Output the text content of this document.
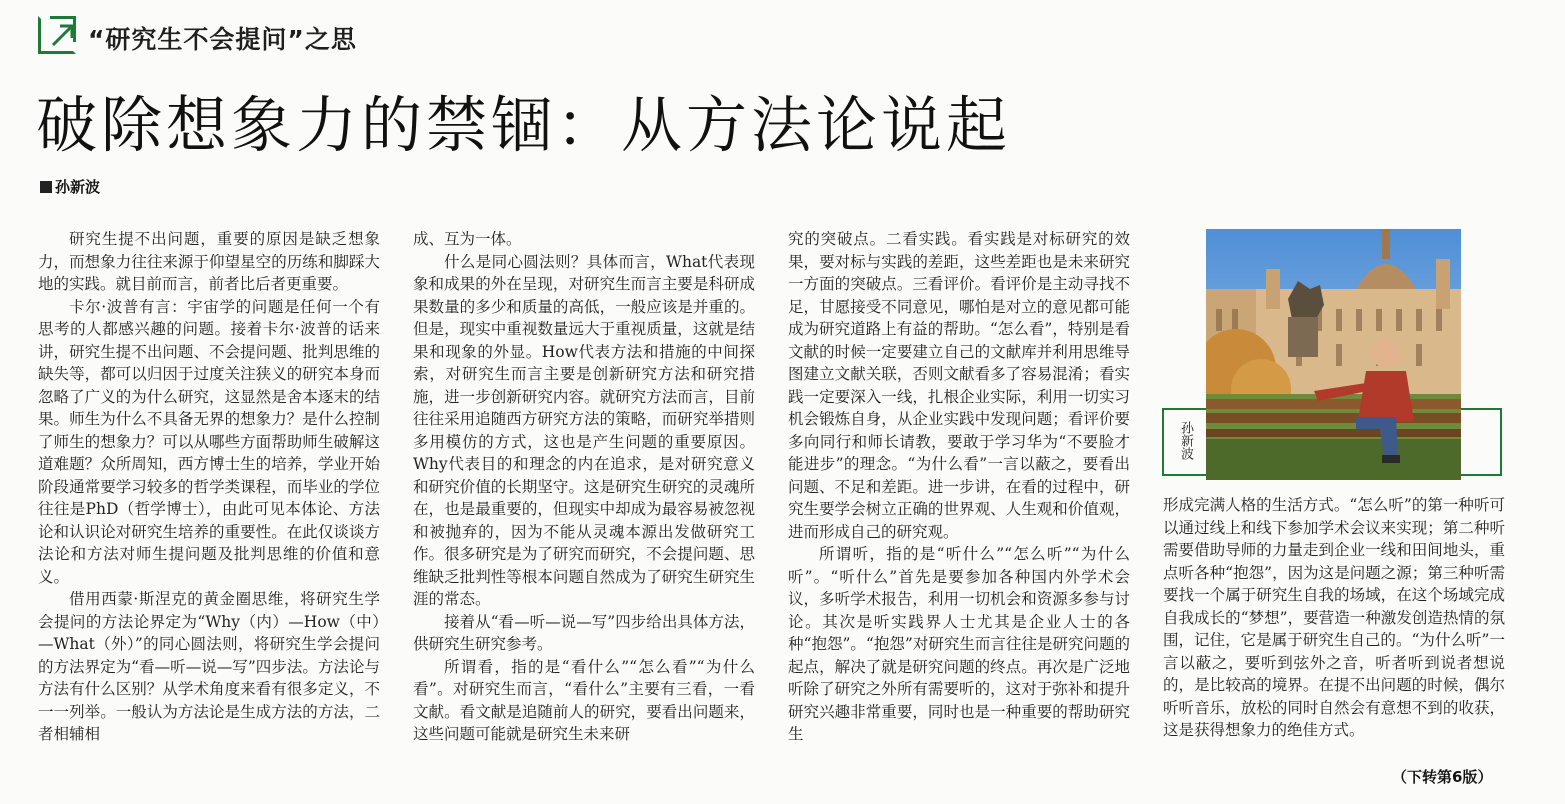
“研究生不会提问”之思
破除想象力的禁锢：从方法论说起
孙新波

研究生提不出问题，重要的原因是缺乏想象力，而想象力往往来源于仰望星空的历练和脚踩大地的实践。就目前而言，前者比后者更重要。

卡尔·波普有言：宇宙学的问题是任何一个有思考的人都感兴趣的问题。接着卡尔·波普的话来讲，研究生提不出问题、不会提问题、批判思维的缺失等，都可以归因于过度关注狭义的研究本身而忽略了广义的为什么研究，这显然是舍本逐末的结果。师生为什么不具备无界的想象力？是什么控制了师生的想象力？可以从哪些方面帮助师生破解这道难题？众所周知，西方博士生的培养，学业开始阶段通常要学习较多的哲学类课程，而毕业的学位往往是PhD（哲学博士），由此可见本体论、方法论和认识论对研究生培养的重要性。在此仅谈谈方法论和方法对师生提问题及批判思维的价值和意义。

借用西蒙·斯涅克的黄金圈思维，将研究生学会提问的方法论界定为“Why（内）—How（中）—What（外）”的同心圆法则，将研究生学会提问的方法界定为“看—听—说—写”四步法。方法论与方法有什么区别？从学术角度来看有很多定义，不一一列举。一般认为方法论是生成方法的方法，二者相辅相

成、互为一体。

什么是同心圆法则？具体而言，What代表现象和成果的外在呈现，对研究生而言主要是科研成果数量的多少和质量的高低，一般应该是并重的。但是，现实中重视数量远大于重视质量，这就是结果和现象的外显。How代表方法和措施的中间探索，对研究生而言主要是创新研究方法和研究措施，进一步创新研究内容。就研究方法而言，目前往往采用追随西方研究方法的策略，而研究举措则多用模仿的方式，这也是产生问题的重要原因。Why代表目的和理念的内在追求，是对研究意义和研究价值的长期坚守。这是研究生研究的灵魂所在，也是最重要的，但现实中却成为最容易被忽视和被抛弃的，因为不能从灵魂本源出发做研究工作。很多研究是为了研究而研究，不会提问题、思维缺乏批判性等根本问题自然成为了研究生研究生涯的常态。

接着从“看—听—说—写”四步给出具体方法，供研究生研究参考。

所谓看，指的是“看什么”“怎么看”“为什么看”。对研究生而言，“看什么”主要有三看，一看文献。看文献是追随前人的研究，要看出问题来，这些问题可能就是研究生未来研

究的突破点。二看实践。看实践是对标研究的效果，要对标与实践的差距，这些差距也是未来研究一方面的突破点。三看评价。看评价是主动寻找不足，甘愿接受不同意见，哪怕是对立的意见都可能成为研究道路上有益的帮助。“怎么看”，特别是看文献的时候一定要建立自己的文献库并利用思维导图建立文献关联，否则文献看多了容易混淆；看实践一定要深入一线，扎根企业实际，利用一切实习机会锻炼自身，从企业实践中发现问题；看评价要多向同行和师长请教，要敢于学习华为“不要脸才能进步”的理念。“为什么看”一言以蔽之，要看出问题、不足和差距。进一步讲，在看的过程中，研究生要学会树立正确的世界观、人生观和价值观，进而形成自己的研究观。

所谓听，指的是“听什么”“怎么听”“为什么听”。“听什么”首先是要参加各种国内外学术会议，多听学术报告，利用一切机会和资源多参与讨论。其次是听实践界人士尤其是企业人士的各种“抱怨”。“抱怨”对研究生而言往往是研究问题的起点，解决了就是研究问题的终点。再次是广泛地听除了研究之外所有需要听的，这对于弥补和提升研究兴趣非常重要，同时也是一种重要的帮助研究生

孙新波

形成完满人格的生活方式。“怎么听”的第一种听可以通过线上和线下参加学术会议来实现；第二种听需要借助导师的力量走到企业一线和田间地头，重点听各种“抱怨”，因为这是问题之源；第三种听需要找一个属于研究生自我的场域，在这个场域完成自我成长的“梦想”，要营造一种激发创造热情的氛围，记住，它是属于研究生自己的。“为什么听”一言以蔽之，要听到弦外之音，听者听到说者想说的，是比较高的境界。在提不出问题的时候，偶尔听听音乐，放松的同时自然会有意想不到的收获，这是获得想象力的绝佳方式。

（下转第6版）
